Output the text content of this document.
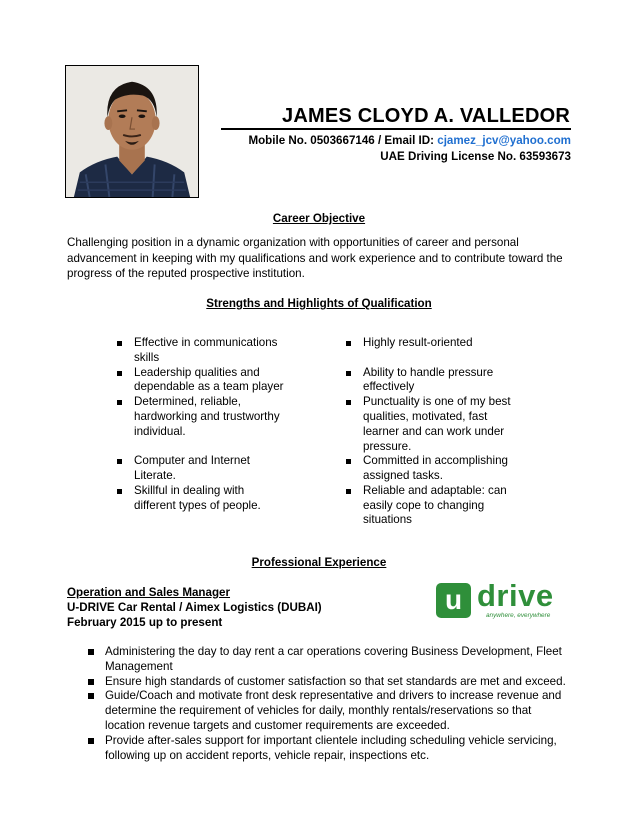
JAMES CLOYD A. VALLEDOR
Mobile No. 0503667146 / Email ID: cjamez_jcv@yahoo.com
UAE Driving License No. 63593673
Career Objective
Challenging position in a dynamic organization with opportunities of career and personal advancement in keeping with my qualifications and work experience and to contribute toward the progress of the reputed prospective institution.
Strengths and Highlights of Qualification
Effective in communications skills
Leadership qualities and dependable as a team player
Determined, reliable, hardworking and trustworthy individual.
Computer and Internet Literate.
Skillful in dealing with different types of people.
Highly result-oriented
Ability to handle pressure effectively
Punctuality is one of my best qualities, motivated, fast learner and can work under pressure.
Committed in accomplishing assigned tasks.
Reliable and adaptable: can easily cope to changing situations
Professional Experience
Operation and Sales Manager
U-DRIVE Car Rental / Aimex Logistics (DUBAI)
February 2015 up to present
u drive
anywhere, everywhere
Administering the day to day rent a car operations covering Business Development, Fleet Management
Ensure high standards of customer satisfaction so that set standards are met and exceed.
Guide/Coach and motivate front desk representative and drivers to increase revenue and determine the requirement of vehicles for daily, monthly rentals/reservations so that location revenue targets and customer requirements are exceeded.
Provide after-sales support for important clientele including scheduling vehicle servicing, following up on accident reports, vehicle repair, inspections etc.
